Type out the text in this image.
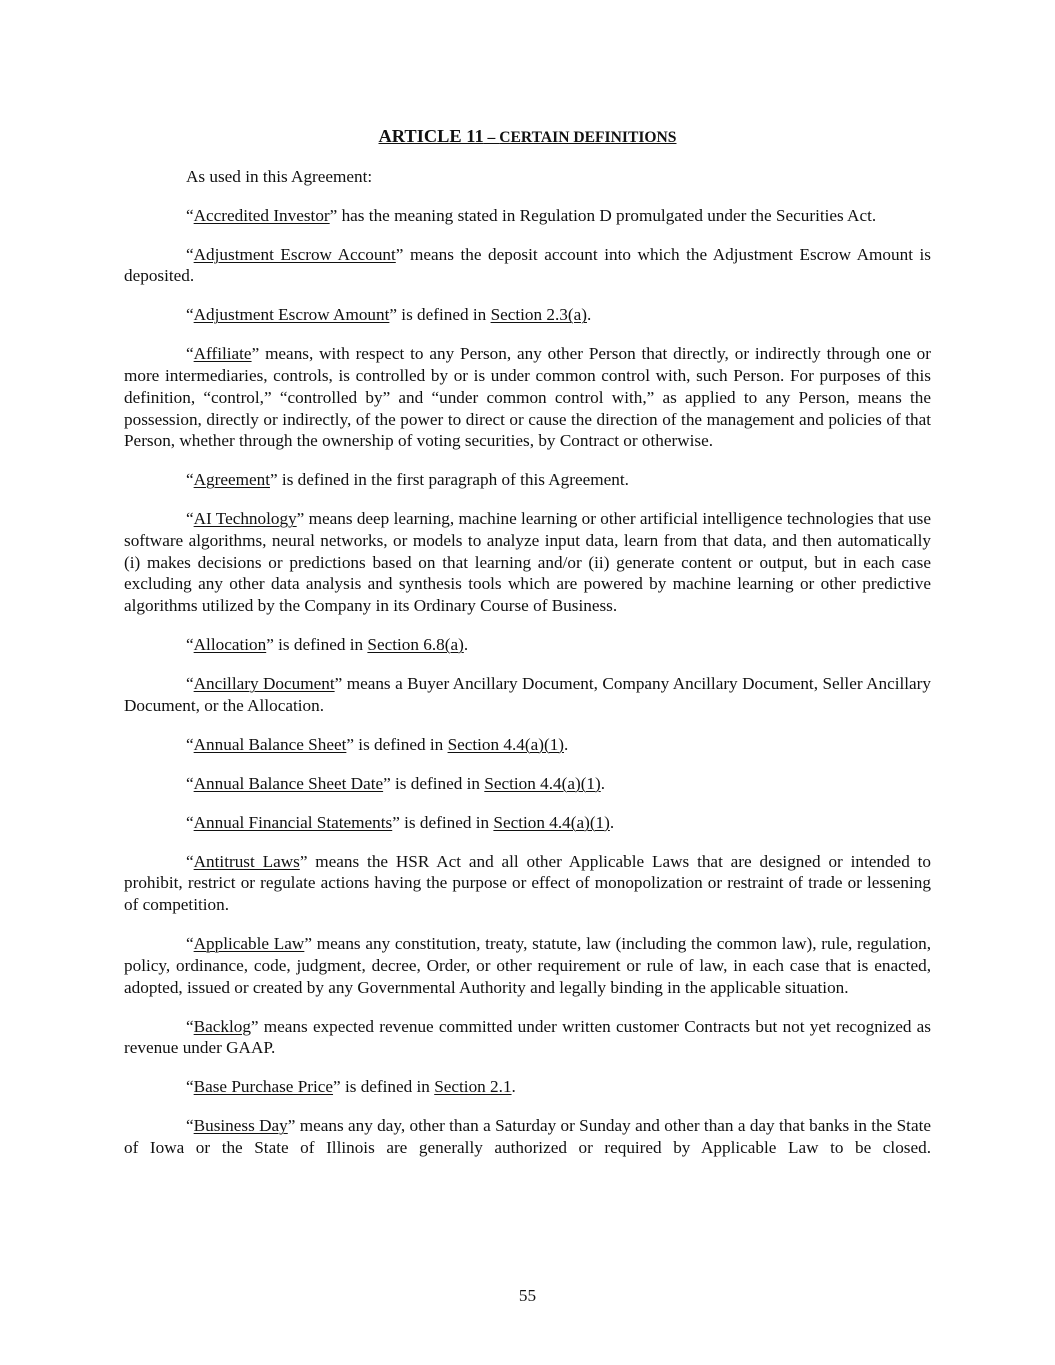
ARTICLE 11 – CERTAIN DEFINITIONS

As used in this Agreement:

“Accredited Investor” has the meaning stated in Regulation D promulgated under the Securities Act.

“Adjustment Escrow Account” means the deposit account into which the Adjustment Escrow Amount is deposited.

“Adjustment Escrow Amount” is defined in Section 2.3(a).

“Affiliate” means, with respect to any Person, any other Person that directly, or indirectly through one or more intermediaries, controls, is controlled by or is under common control with, such Person. For purposes of this definition, “control,” “controlled by” and “under common control with,” as applied to any Person, means the possession, directly or indirectly, of the power to direct or cause the direction of the management and policies of that Person, whether through the ownership of voting securities, by Contract or otherwise.

“Agreement” is defined in the first paragraph of this Agreement.

“AI Technology” means deep learning, machine learning or other artificial intelligence technologies that use software algorithms, neural networks, or models to analyze input data, learn from that data, and then automatically (i) makes decisions or predictions based on that learning and/or (ii) generate content or output, but in each case excluding any other data analysis and synthesis tools which are powered by machine learning or other predictive algorithms utilized by the Company in its Ordinary Course of Business.

“Allocation” is defined in Section 6.8(a).

“Ancillary Document” means a Buyer Ancillary Document, Company Ancillary Document, Seller Ancillary Document, or the Allocation.

“Annual Balance Sheet” is defined in Section 4.4(a)(1).

“Annual Balance Sheet Date” is defined in Section 4.4(a)(1).

“Annual Financial Statements” is defined in Section 4.4(a)(1).

“Antitrust Laws” means the HSR Act and all other Applicable Laws that are designed or intended to prohibit, restrict or regulate actions having the purpose or effect of monopolization or restraint of trade or lessening of competition.

“Applicable Law” means any constitution, treaty, statute, law (including the common law), rule, regulation, policy, ordinance, code, judgment, decree, Order, or other requirement or rule of law, in each case that is enacted, adopted, issued or created by any Governmental Authority and legally binding in the applicable situation.

“Backlog” means expected revenue committed under written customer Contracts but not yet recognized as revenue under GAAP.

“Base Purchase Price” is defined in Section 2.1.

“Business Day” means any day, other than a Saturday or Sunday and other than a day that banks in the State of Iowa or the State of Illinois are generally authorized or required by Applicable Law to be closed.

55
